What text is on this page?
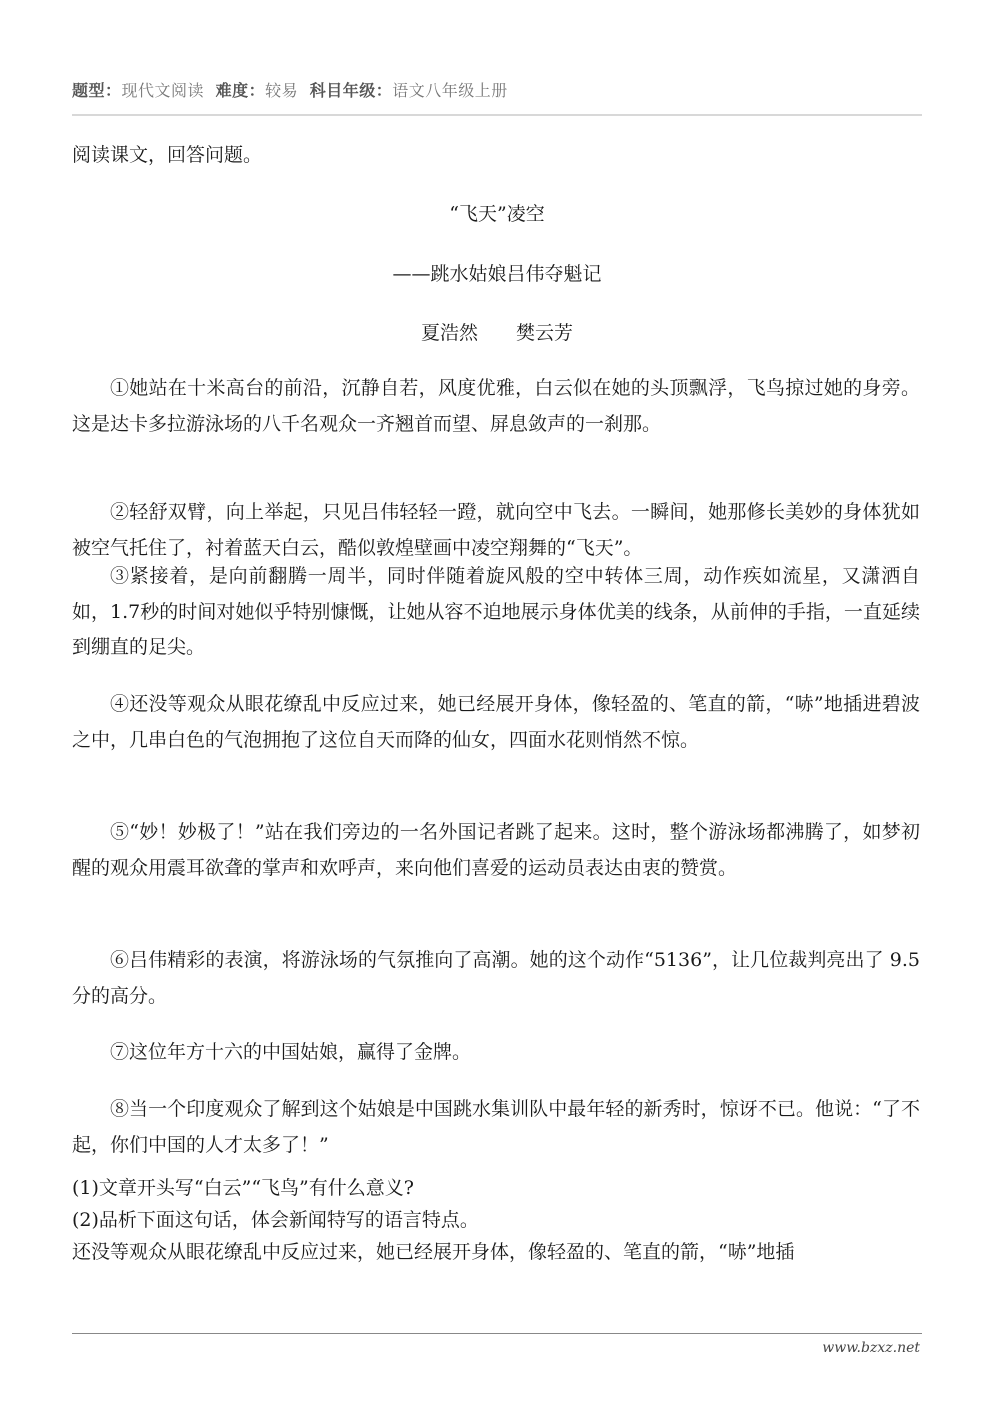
题型：现代文阅读 难度：较易 科目年级：语文八年级上册
阅读课文，回答问题。
“飞天”凌空
——跳水姑娘吕伟夺魁记
夏浩然　　樊云芳
①她站在十米高台的前沿，沉静自若，风度优雅，白云似在她的头顶飘浮，飞鸟掠过她的身旁。这是达卡多拉游泳场的八千名观众一齐翘首而望、屏息敛声的一刹那。
②轻舒双臂，向上举起，只见吕伟轻轻一蹬，就向空中飞去。一瞬间，她那修长美妙的身体犹如被空气托住了，衬着蓝天白云，酷似敦煌壁画中凌空翔舞的“飞天”。
③紧接着，是向前翻腾一周半，同时伴随着旋风般的空中转体三周，动作疾如流星，又潇洒自如，1.7秒的时间对她似乎特别慷慨，让她从容不迫地展示身体优美的线条，从前伸的手指，一直延续到绷直的足尖。
④还没等观众从眼花缭乱中反应过来，她已经展开身体，像轻盈的、笔直的箭，“哧”地插进碧波之中，几串白色的气泡拥抱了这位自天而降的仙女，四面水花则悄然不惊。
⑤“妙！妙极了！”站在我们旁边的一名外国记者跳了起来。这时，整个游泳场都沸腾了，如梦初醒的观众用震耳欲聋的掌声和欢呼声，来向他们喜爱的运动员表达由衷的赞赏。
⑥吕伟精彩的表演，将游泳场的气氛推向了高潮。她的这个动作“5136”，让几位裁判亮出了 9.5分的高分。
⑦这位年方十六的中国姑娘，赢得了金牌。
⑧当一个印度观众了解到这个姑娘是中国跳水集训队中最年轻的新秀时，惊讶不已。他说：“了不起，你们中国的人才太多了！”
(1)文章开头写“白云”“飞鸟”有什么意义?
(2)品析下面这句话，体会新闻特写的语言特点。
还没等观众从眼花缭乱中反应过来，她已经展开身体，像轻盈的、笔直的箭，“哧”地插
www.bzxz.net
